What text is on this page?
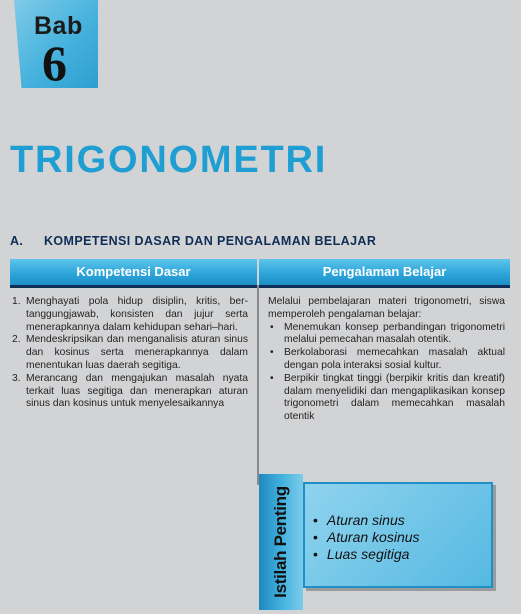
Bab
6
TRIGONOMETRI
A. KOMPETENSI DASAR DAN PENGALAMAN BELAJAR
Kompetensi Dasar	Pengalaman Belajar
1. Menghayati pola hidup disiplin, kritis, bertanggungjawab, konsisten dan jujur serta menerapkannya dalam kehidupan sehari–hari.
2. Mendeskripsikan dan menganalisis aturan sinus dan kosinus serta menerapkannya dalam menentukan luas daerah segitiga.
3. Merancang dan mengajukan masalah nyata terkait luas segitiga dan menerapkan aturan sinus dan kosinus untuk menyelesaikannya

Melalui pembelajaran materi trigonometri, siswa memperoleh pengalaman belajar:

• Menemukan konsep perbandingan trigonometri melalui pemecahan masalah otentik.
• Berkolaborasi memecahkan masalah aktual dengan pola interaksi sosial kultur.
• Berpikir tingkat tinggi (berpikir kritis dan kreatif) dalam menyelidiki dan mengaplikasikan konsep trigonometri dalam memecahkan masalah otentik
Istilah Penting
•	Aturan sinus
• Aturan kosinus
• Luas segitiga
